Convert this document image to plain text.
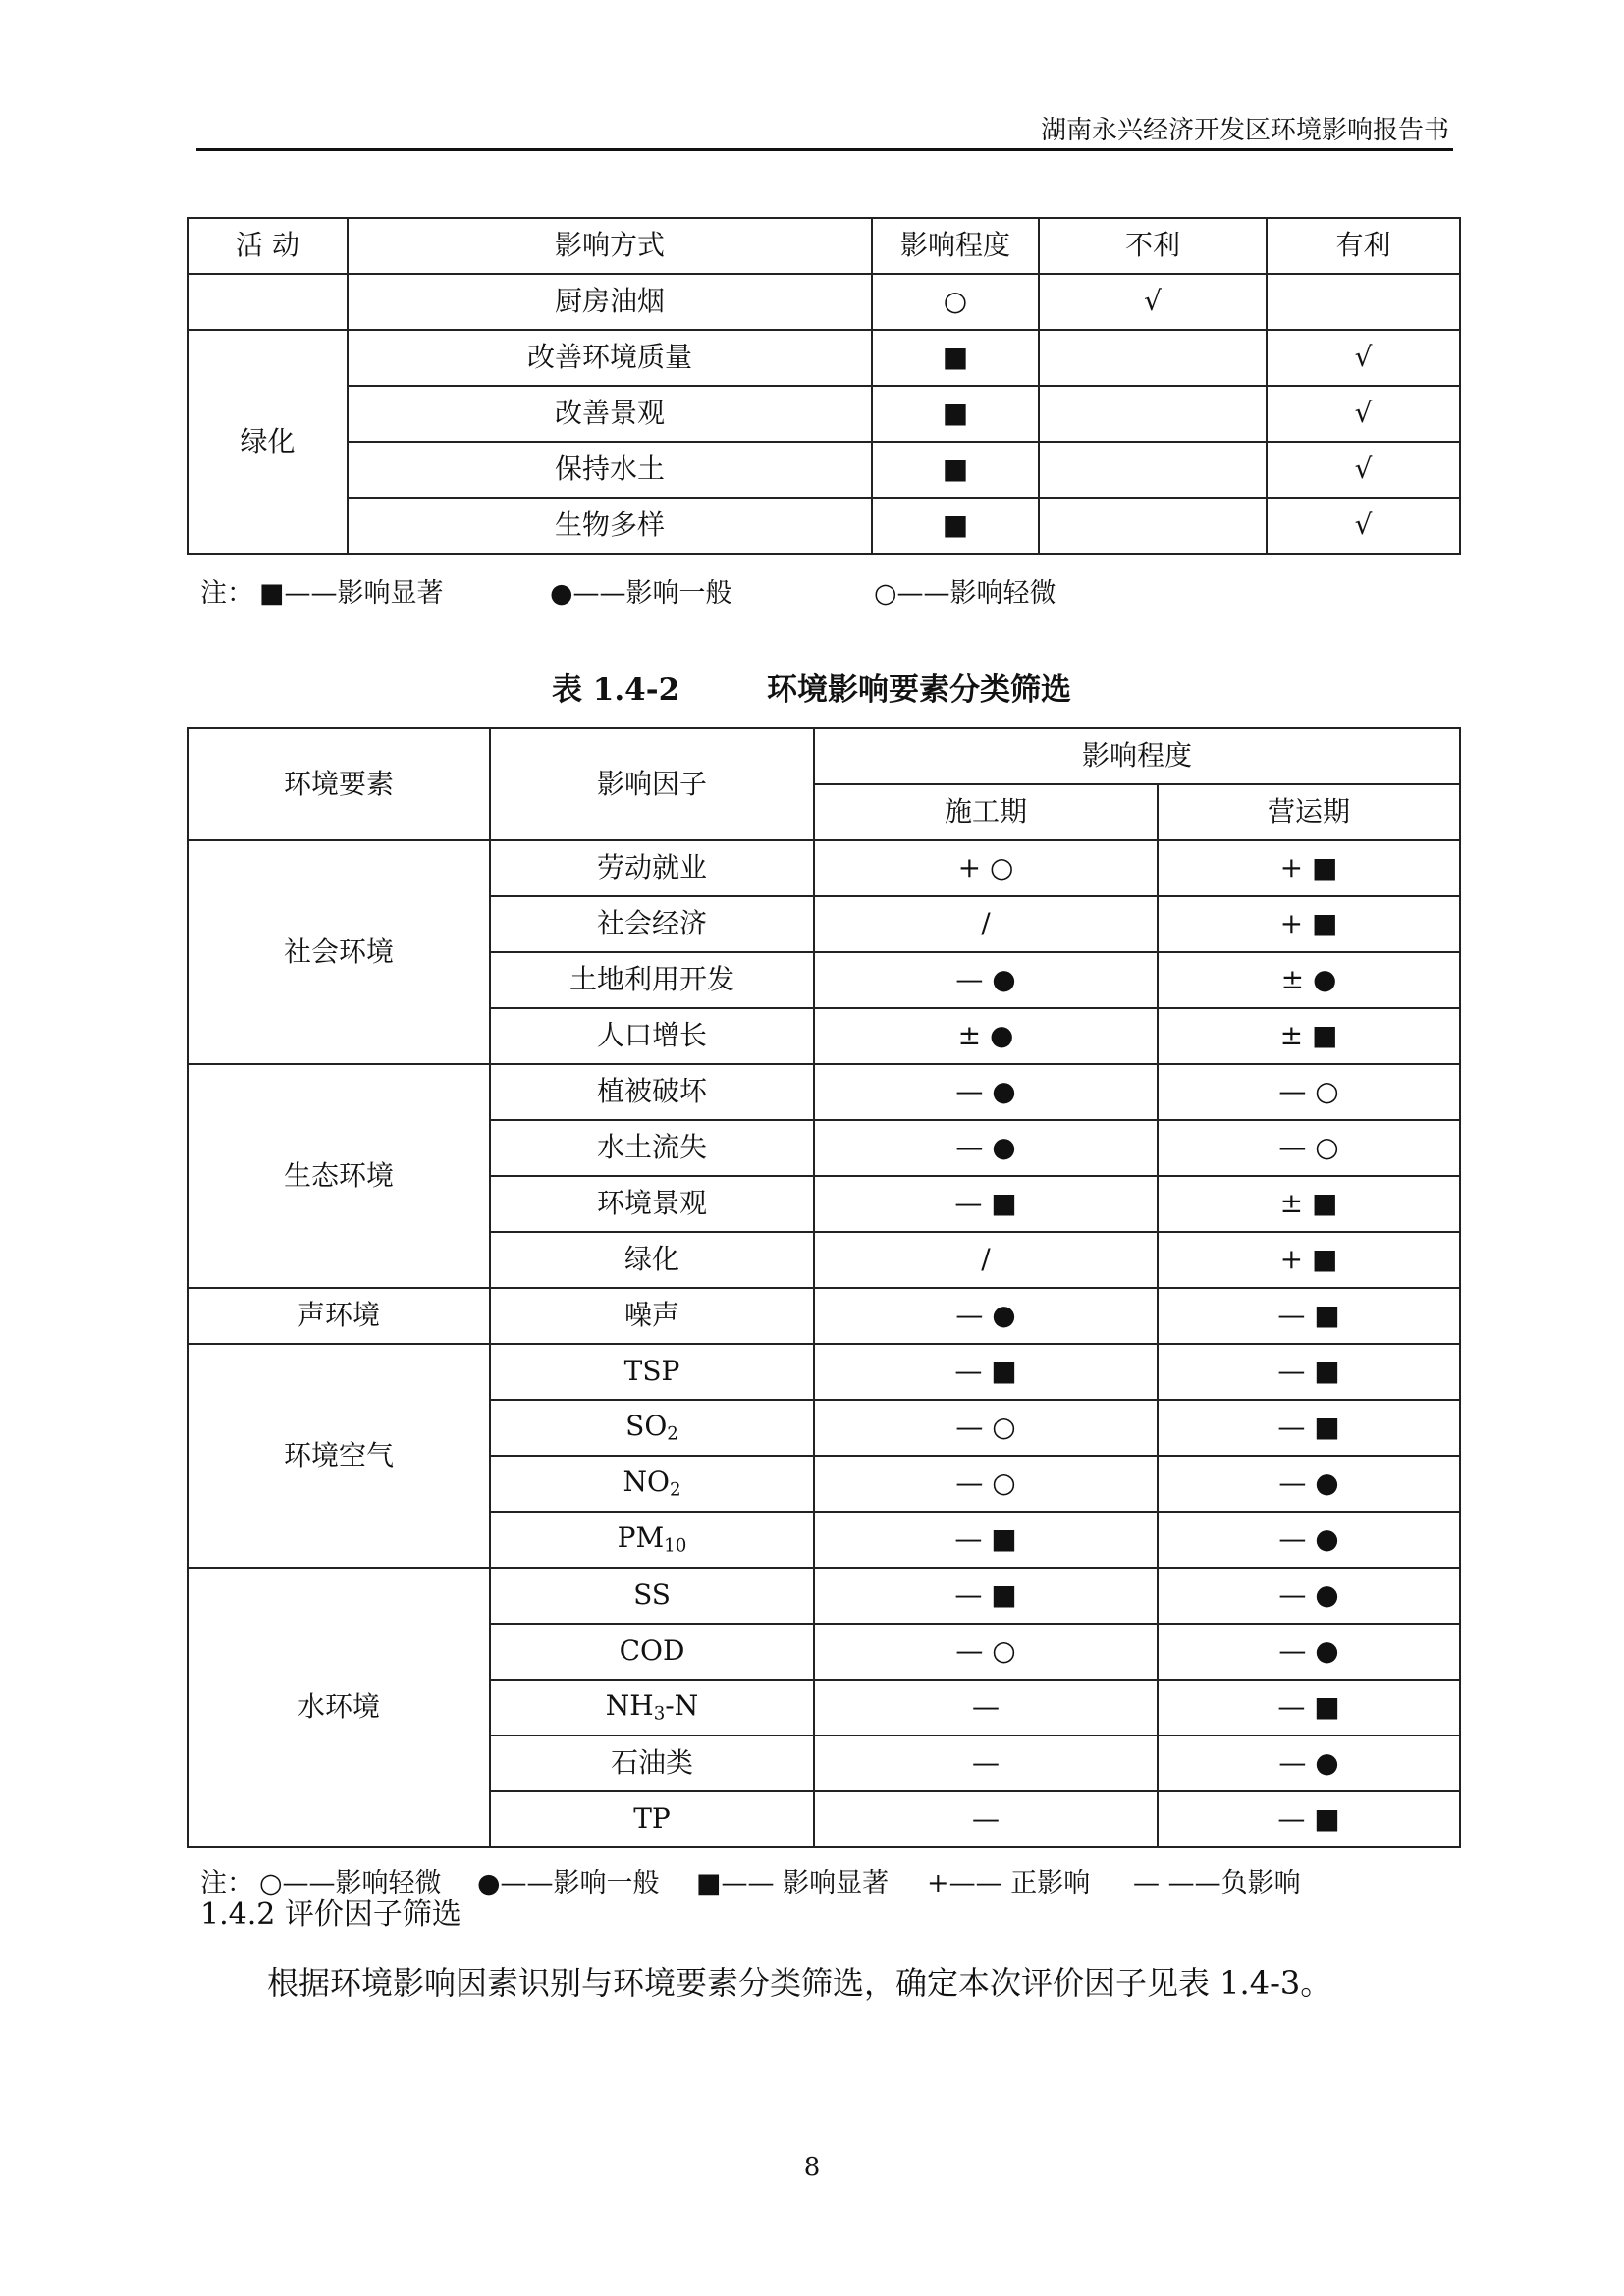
湖南永兴经济开发区环境影响报告书
活 动	影响方式	影响程度	不利	有利
	厨房油烟	○	√	
绿化	改善环境质量	■		√
	改善景观	■		√
	保持水土	■		√
	生物多样	■		√
注： ■——影响显著	●——影响一般	○——影响轻微
表 1.4-2	环境影响要素分类筛选
环境要素	影响因子	影响程度	
		施工期	营运期
社会环境	劳动就业	+ ○	+ ■
	社会经济	/	+ ■
	土地利用开发	— ●	± ●
	人口增长	± ●	± ■
生态环境	植被破坏	— ●	— ○
	水土流失	— ●	— ○
	环境景观	— ■	± ■
	绿化	/	+ ■
声环境	噪声	— ●	— ■
环境空气	TSP	— ■	— ■
	$SO_2$	— ○	— ■
	$NO_2$	— ○	— ●
	$PM_{10}$	— ■	— ●
水环境	SS	— ■	— ●
	COD	— ○	— ●
	$NH_3-N$	—	— ■
	石油类	—	— ●
	TP	—	— ■
注： ○——影响轻微 ●——影响一般 ■—— 影响显著 +—— 正影响 — ——负影响
1.4.2 评价因子筛选
根据环境影响因素识别与环境要素分类筛选，确定本次评价因子见表 1.4-3。
8
